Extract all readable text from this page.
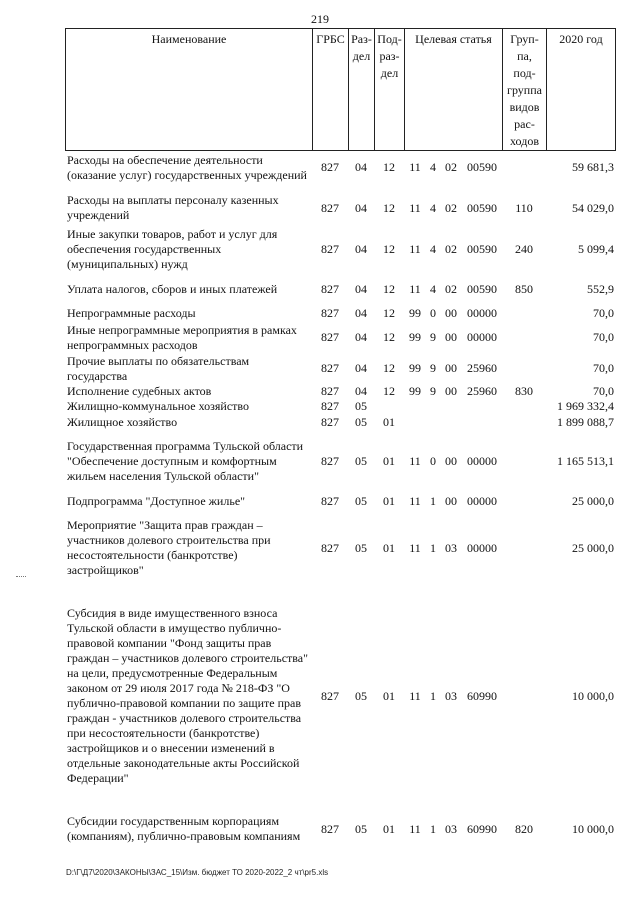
219
Наименование	ГРБС	Раз-
дел	Под-
раз-
дел	Целевая статья	Груп-
па,
под-
группа
видов
рас-
ходов	2020 год
Расходы на обеспечение деятельности (оказание услуг) государственных учреждений
827	04	12	11 4 02 00590	59 681,3
Расходы на выплаты персоналу казенных учреждений
827	04	12	11 4 02 00590	110	54 029,0
Иные закупки товаров, работ и услуг для обеспечения государственных (муниципальных) нужд
827	04	12	11 4 02 00590	240	5 099,4
Уплата налогов, сборов и иных платежей	827	04	12	11 4 02 00590	850	552,9
Непрограммные расходы	827	04	12	99 0 00 00000	70,0
Иные непрограммные мероприятия в рамках непрограммных расходов
827	04	12	99 9 00 00000	70,0
Прочие выплаты по обязательствам государства
827	04	12	99 9 00 25960	70,0
Исполнение судебных актов	827	04	12	99 9 00 25960	830	70,0
Жилищно-коммунальное хозяйство	827	05	1 969 332,4
Жилищное хозяйство	827	05	01	1 899 088,7
Государственная программа Тульской области "Обеспечение доступным и комфортным жильем населения Тульской области"
827	05	01	11 0 00 00000	1 165 513,1
Подпрограмма "Доступное жилье"	827	05	01	11 1 00 00000	25 000,0
Мероприятие "Защита прав граждан – участников долевого строительства при несостоятельности (банкротстве) застройщиков"
827	05	01	11 1 03 00000	25 000,0
Субсидия в виде имущественного взноса Тульской области в имущество публично-правовой компании "Фонд защиты прав граждан – участников долевого строительства" на цели, предусмотренные Федеральным законом от 29 июля 2017 года № 218-ФЗ "О публично-правовой компании по защите прав граждан - участников долевого строительства при несостоятельности (банкротстве) застройщиков и о внесении изменений в отдельные законодательные акты Российской Федерации"
827	05	01	11 1 03 60990	10 000,0
Субсидии государственным корпорациям (компаниям), публично-правовым компаниям
827	05	01	11 1 03 60990	820	10 000,0
D:\Г\Д7\2020\ЗАКОНЫ\ЗАС_15\Изм. бюджет ТО 2020-2022_2 чт\pr5.xls
